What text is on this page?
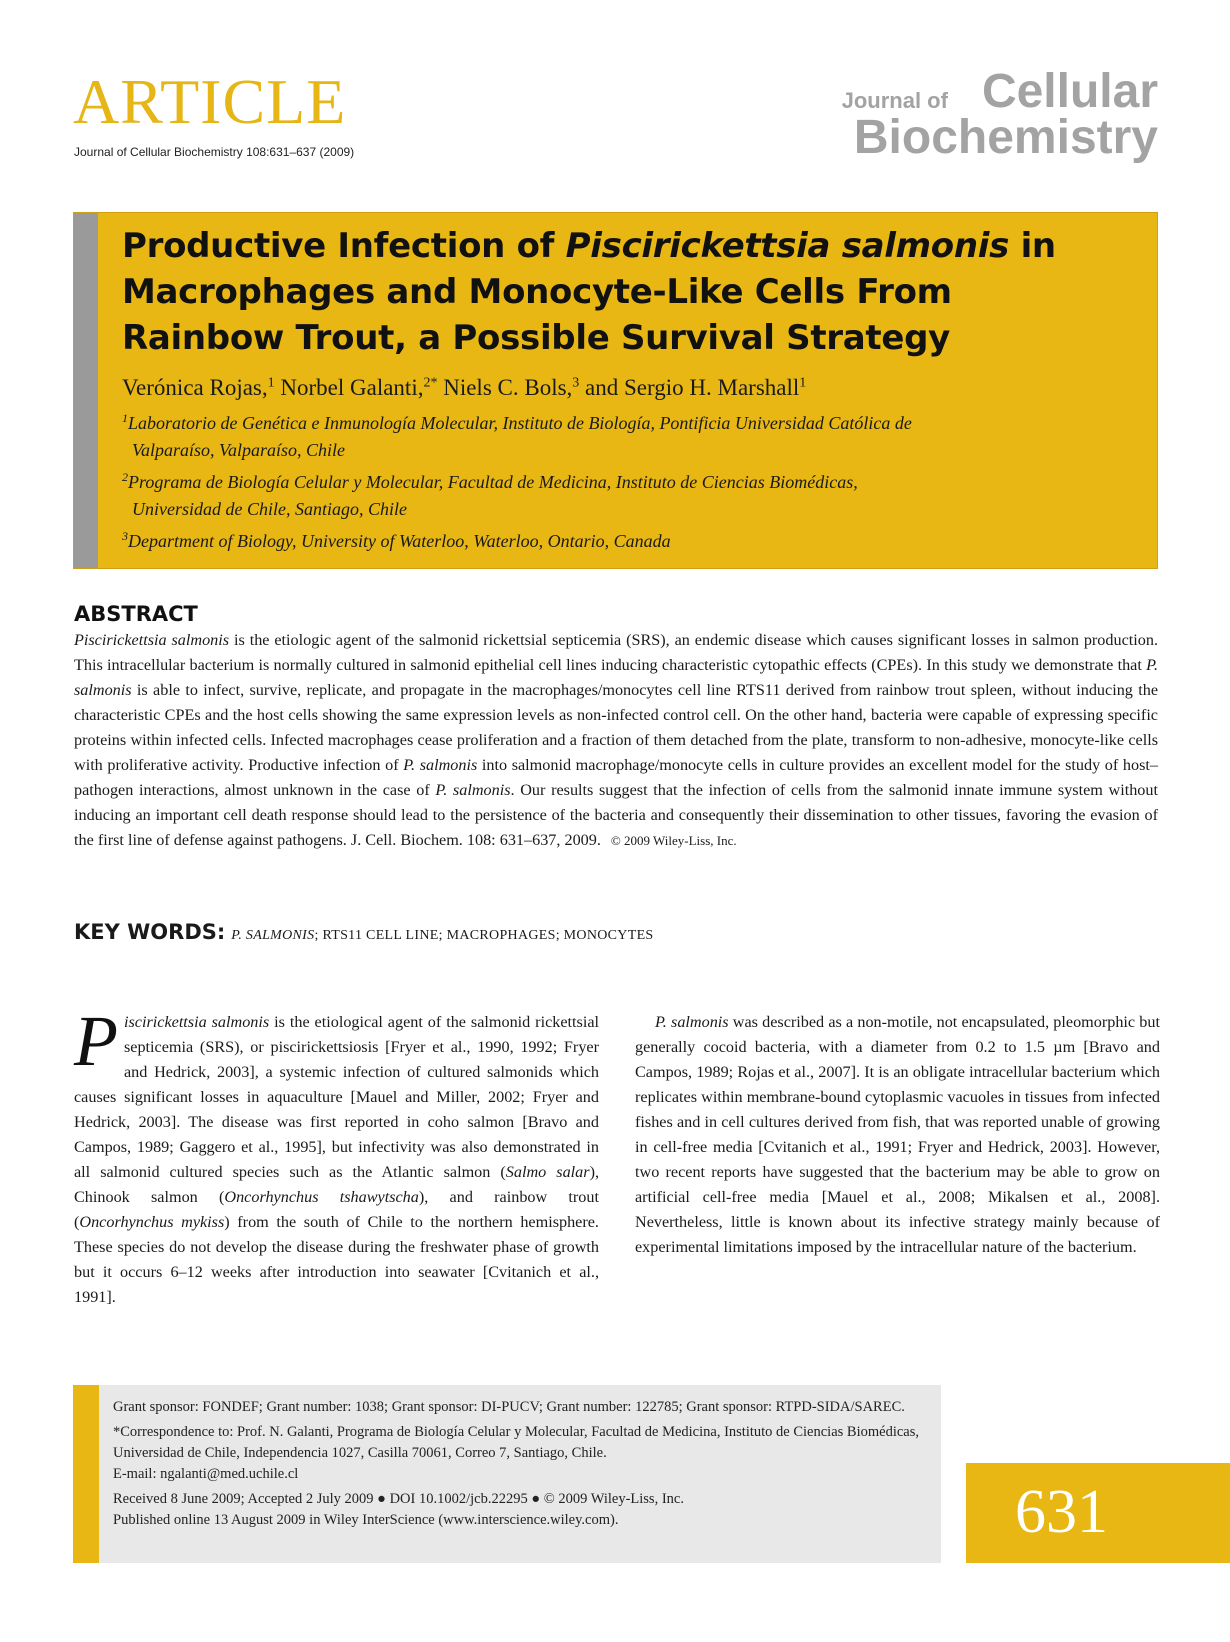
ARTICLE
Journal of Cellular Biochemistry 108:631–637 (2009)
Journal of Cellular
Biochemistry
Productive Infection of Piscirickettsia salmonis in
Macrophages and Monocyte-Like Cells From
Rainbow Trout, a Possible Survival Strategy
Verónica Rojas,$^1$ Norbel Galanti,$^{2*}$ Niels C. Bols,$^3$ and Sergio H. Marshall$^1$
$^1$Laboratorio de Genética e Inmunología Molecular, Instituto de Biología, Pontificia Universidad Católica de
Valparaíso, Valparaíso, Chile
$^2$Programa de Biología Celular y Molecular, Facultad de Medicina, Instituto de Ciencias Biomédicas,
Universidad de Chile, Santiago, Chile
$^3$Department of Biology, University of Waterloo, Waterloo, Ontario, Canada
ABSTRACT
Piscirickettsia salmonis is the etiologic agent of the salmonid rickettsial septicemia (SRS), an endemic disease which causes significant losses in salmon production. This intracellular bacterium is normally cultured in salmonid epithelial cell lines inducing characteristic cytopathic effects (CPEs). In this study we demonstrate that P. salmonis is able to infect, survive, replicate, and propagate in the macrophages/monocytes cell line RTS11 derived from rainbow trout spleen, without inducing the characteristic CPEs and the host cells showing the same expression levels as non-infected control cell. On the other hand, bacteria were capable of expressing specific proteins within infected cells. Infected macrophages cease proliferation and a fraction of them detached from the plate, transform to non-adhesive, monocyte-like cells with proliferative activity. Productive infection of P. salmonis into salmonid macrophage/monocyte cells in culture provides an excellent model for the study of host–pathogen interactions, almost unknown in the case of P. salmonis. Our results suggest that the infection of cells from the salmonid innate immune system without inducing an important cell death response should lead to the persistence of the bacteria and consequently their dissemination to other tissues, favoring the evasion of the first line of defense against pathogens. J. Cell. Biochem. 108: 631–637, 2009. © 2009 Wiley-Liss, Inc.
KEY WORDS: P. SALMONIS; RTS11 CELL LINE; MACROPHAGES; MONOCYTES
Piscirickettsia salmonis is the etiological agent of the salmonid rickettsial septicemia (SRS), or piscirickettsiosis [Fryer et al., 1990, 1992; Fryer and Hedrick, 2003], a systemic infection of cultured salmonids which causes significant losses in aquaculture [Mauel and Miller, 2002; Fryer and Hedrick, 2003]. The disease was first reported in coho salmon [Bravo and Campos, 1989; Gaggero et al., 1995], but infectivity was also demonstrated in all salmonid cultured species such as the Atlantic salmon (Salmo salar), Chinook salmon (Oncorhynchus tshawytscha), and rainbow trout (Oncorhynchus mykiss) from the south of Chile to the northern hemisphere. These species do not develop the disease during the freshwater phase of growth but it occurs 6–12 weeks after introduction into seawater [Cvitanich et al., 1991].
P. salmonis was described as a non-motile, not encapsulated, pleomorphic but generally cocoid bacteria, with a diameter from 0.2 to 1.5 µm [Bravo and Campos, 1989; Rojas et al., 2007]. It is an obligate intracellular bacterium which replicates within membrane-bound cytoplasmic vacuoles in tissues from infected fishes and in cell cultures derived from fish, that was reported unable of growing in cell-free media [Cvitanich et al., 1991; Fryer and Hedrick, 2003]. However, two recent reports have suggested that the bacterium may be able to grow on artificial cell-free media [Mauel et al., 2008; Mikalsen et al., 2008]. Nevertheless, little is known about its infective strategy mainly because of experimental limitations imposed by the intracellular nature of the bacterium.

Grant sponsor: FONDEF; Grant number: 1038; Grant sponsor: DI-PUCV; Grant number: 122785; Grant sponsor: RTPD-SIDA/SAREC.

*Correspondence to: Prof. N. Galanti, Programa de Biología Celular y Molecular, Facultad de Medicina, Instituto de Ciencias Biomédicas, Universidad de Chile, Independencia 1027, Casilla 70061, Correo 7, Santiago, Chile.
E-mail: ngalanti@med.uchile.cl

Received 8 June 2009; Accepted 2 July 2009 ● DOI 10.1002/jcb.22295 ● © 2009 Wiley-Liss, Inc.
Published online 13 August 2009 in Wiley InterScience (www.interscience.wiley.com).	631
